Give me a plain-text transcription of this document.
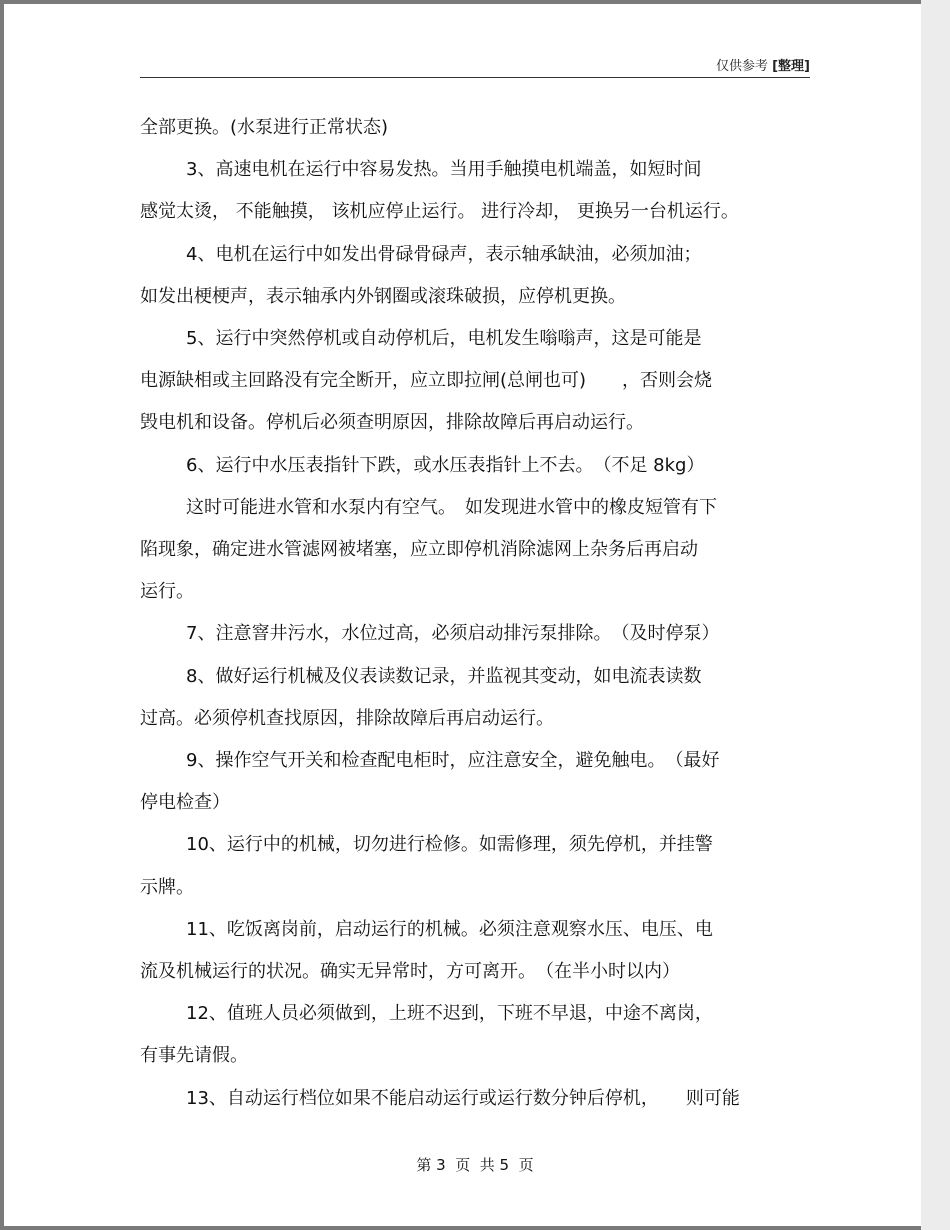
仅供参考 [整理]
全部更换。(水泵进行正常状态)
3、高速电机在运行中容易发热。当用手触摸电机端盖，如短时间
感觉太烫， 不能触摸， 该机应停止运行。 进行冷却， 更换另一台机运行。
4、电机在运行中如发出骨碌骨碌声，表示轴承缺油，必须加油；
如发出梗梗声，表示轴承内外钢圈或滚珠破损，应停机更换。
5、运行中突然停机或自动停机后，电机发生嗡嗡声，这是可能是
电源缺相或主回路没有完全断开，应立即拉闸(总闸也可)　　，否则会烧
毁电机和设备。停机后必须查明原因，排除故障后再启动运行。
6、运行中水压表指针下跌，或水压表指针上不去。　（不足 8kg）
这时可能进水管和水泵内有空气。　如发现进水管中的橡皮短管有下
陷现象，确定进水管滤网被堵塞，应立即停机消除滤网上杂务后再启动
运行。
7、注意窨井污水，水位过高，必须启动排污泵排除。　（及时停泵）
8、做好运行机械及仪表读数记录，并监视其变动，如电流表读数
过高。必须停机查找原因，排除故障后再启动运行。
9、操作空气开关和检查配电柜时，应注意安全，避免触电。　（最好
停电检查）
10、运行中的机械，切勿进行检修。如需修理，须先停机，并挂警
示牌。
11、吃饭离岗前，启动运行的机械。必须注意观察水压、电压、电
流及机械运行的状况。确实无异常时，方可离开。　（在半小时以内）
12、值班人员必须做到，上班不迟到，下班不早退，中途不离岗，
有事先请假。
13、自动运行档位如果不能启动运行或运行数分钟后停机，　　则可能
第 3  页  共 5  页
